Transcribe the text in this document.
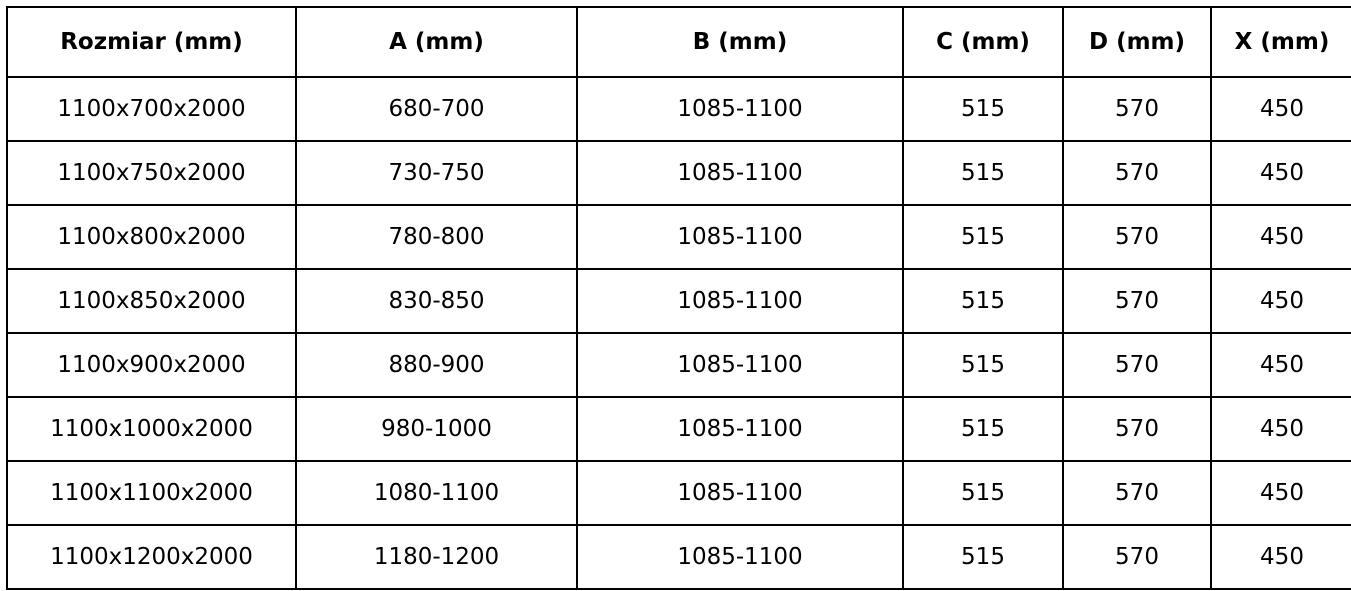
Rozmiar (mm)	A (mm)	B (mm)	C (mm)	D (mm)	X (mm)
1100x700x2000	680-700	1085-1100	515	570	450
1100x750x2000	730-750	1085-1100	515	570	450
1100x800x2000	780-800	1085-1100	515	570	450
1100x850x2000	830-850	1085-1100	515	570	450
1100x900x2000	880-900	1085-1100	515	570	450
1100x1000x2000	980-1000	1085-1100	515	570	450
1100x1100x2000	1080-1100	1085-1100	515	570	450
1100x1200x2000	1180-1200	1085-1100	515	570	450
